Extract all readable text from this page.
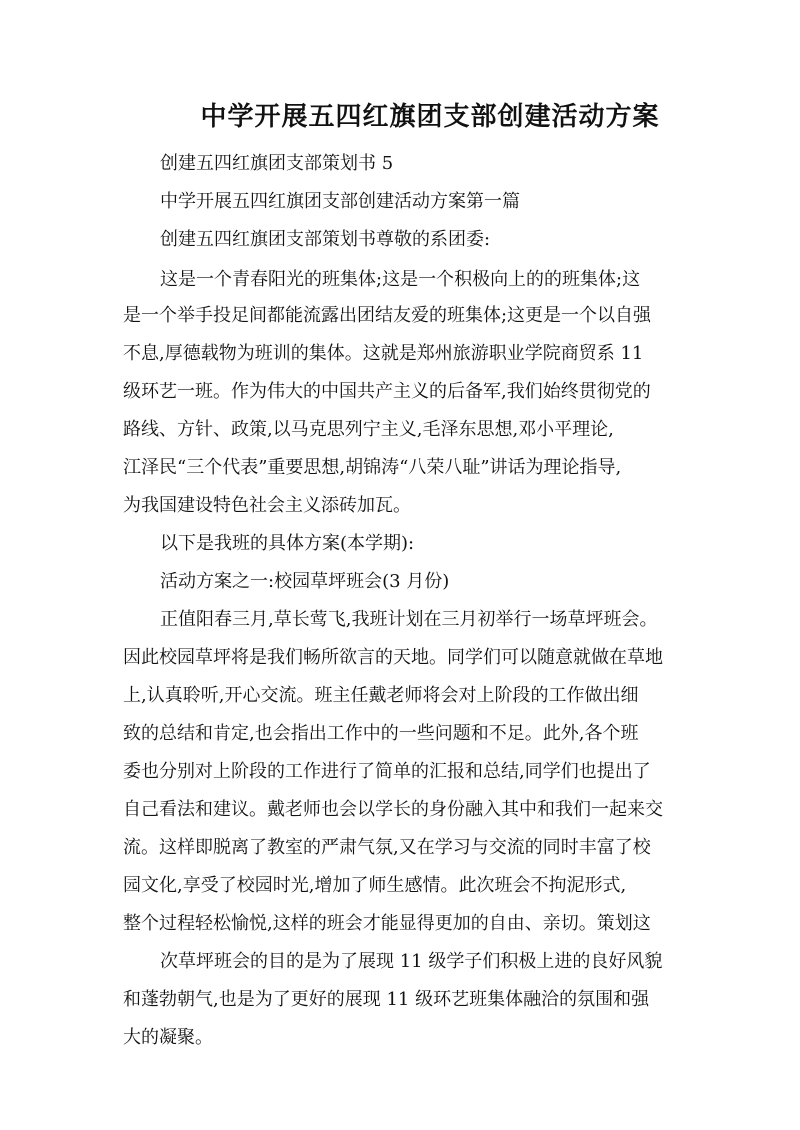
中学开展五四红旗团支部创建活动方案
创建五四红旗团支部策划书 5
中学开展五四红旗团支部创建活动方案第一篇
创建五四红旗团支部策划书尊敬的系团委:
这是一个青春阳光的班集体;这是一个积极向上的的班集体;这
是一个举手投足间都能流露出团结友爱的班集体;这更是一个以自强
不息,厚德载物为班训的集体。这就是郑州旅游职业学院商贸系 11
级环艺一班。作为伟大的中国共产主义的后备军,我们始终贯彻党的
路线、方针、政策,以马克思列宁主义,毛泽东思想,邓小平理论,
江泽民“三个代表”重要思想,胡锦涛“八荣八耻”讲话为理论指导,
为我国建设特色社会主义添砖加瓦。
以下是我班的具体方案(本学期):
活动方案之一:校园草坪班会(3 月份)
正值阳春三月,草长莺飞,我班计划在三月初举行一场草坪班会。
因此校园草坪将是我们畅所欲言的天地。同学们可以随意就做在草地
上,认真聆听,开心交流。班主任戴老师将会对上阶段的工作做出细
致的总结和肯定,也会指出工作中的一些问题和不足。此外,各个班
委也分别对上阶段的工作进行了简单的汇报和总结,同学们也提出了
自己看法和建议。戴老师也会以学长的身份融入其中和我们一起来交
流。这样即脱离了教室的严肃气氛,又在学习与交流的同时丰富了校
园文化,享受了校园时光,增加了师生感情。此次班会不拘泥形式,
整个过程轻松愉悦,这样的班会才能显得更加的自由、亲切。策划这
次草坪班会的目的是为了展现 11 级学子们积极上进的良好风貌
和蓬勃朝气,也是为了更好的展现 11 级环艺班集体融洽的氛围和强
大的凝聚。
